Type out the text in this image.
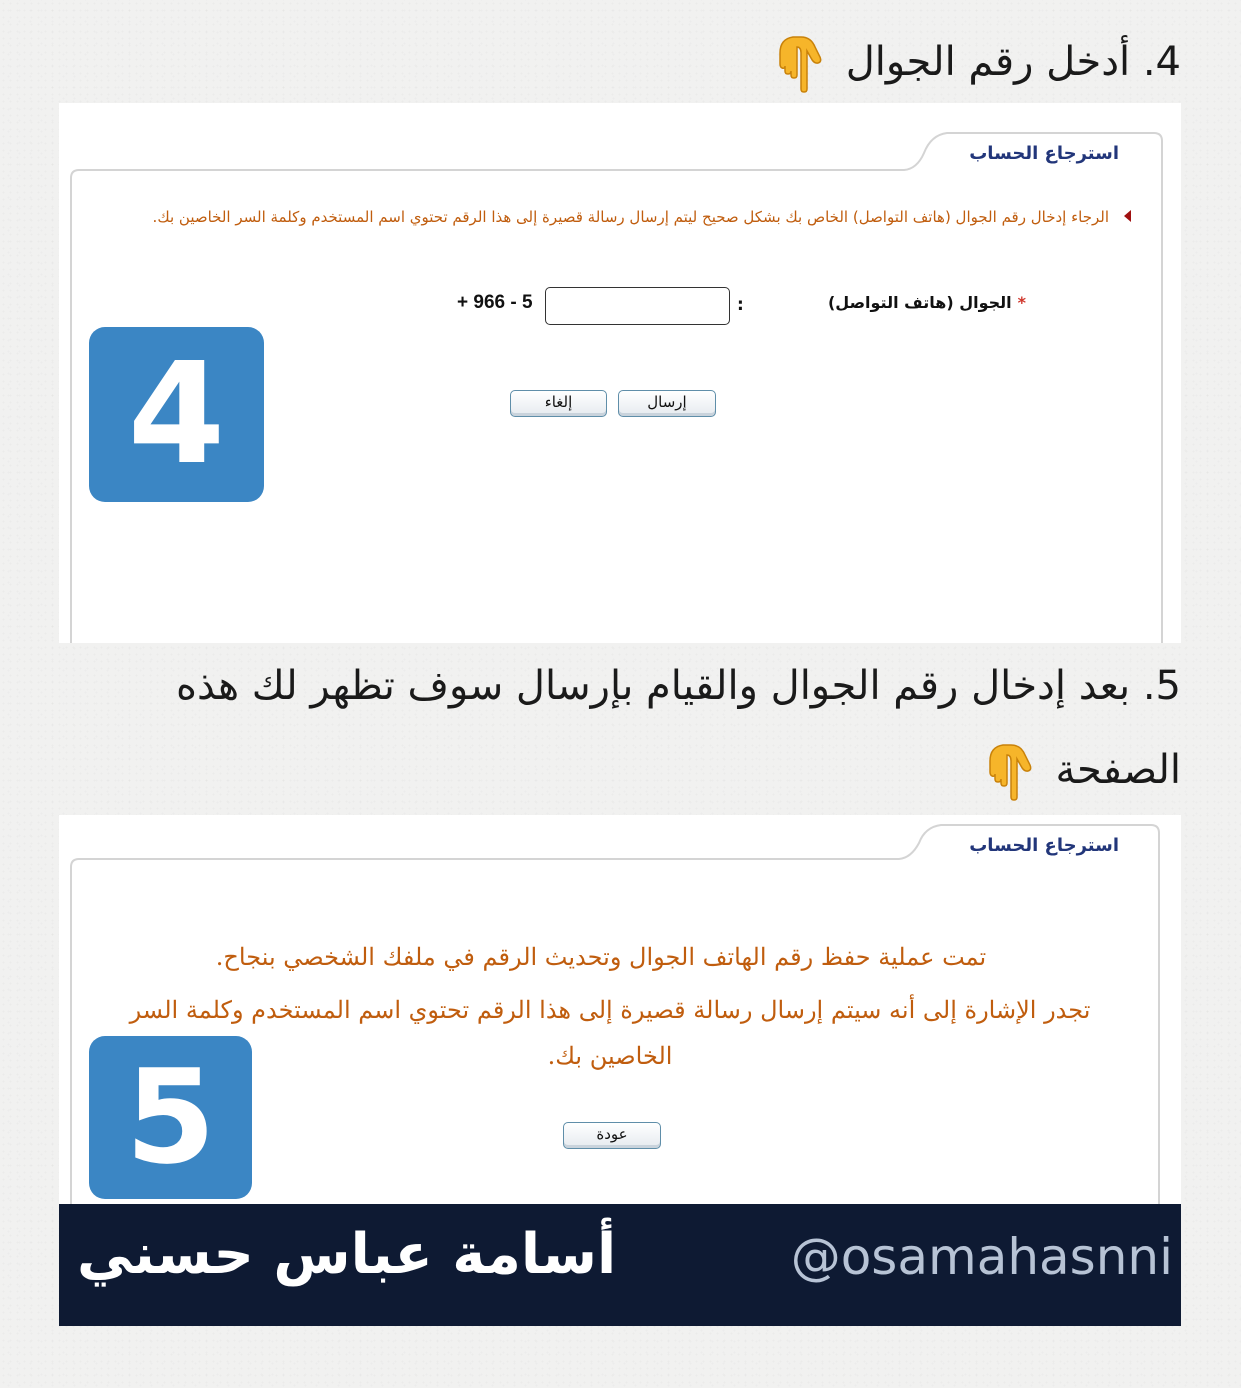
4. أدخل رقم الجوال
استرجاع الحساب
الرجاء إدخال رقم الجوال (هاتف التواصل) الخاص بك بشكل صحيح ليتم إرسال رسالة قصيرة إلى هذا الرقم تحتوي اسم المستخدم وكلمة السر الخاصين بك.
*الجوال (هاتف التواصل)
:
+ 966 - 5
إرسال
إلغاء
4
5. بعد إدخال رقم الجوال والقيام بإرسال سوف تظهر لك هذه
الصفحة
استرجاع الحساب
تمت عملية حفظ رقم الهاتف الجوال وتحديث الرقم في ملفك الشخصي بنجاح.
تجدر الإشارة إلى أنه سيتم إرسال رسالة قصيرة إلى هذا الرقم تحتوي اسم المستخدم وكلمة السر الخاصين بك.
عودة
5
أسامة عباس حسني	@osamahasnni
